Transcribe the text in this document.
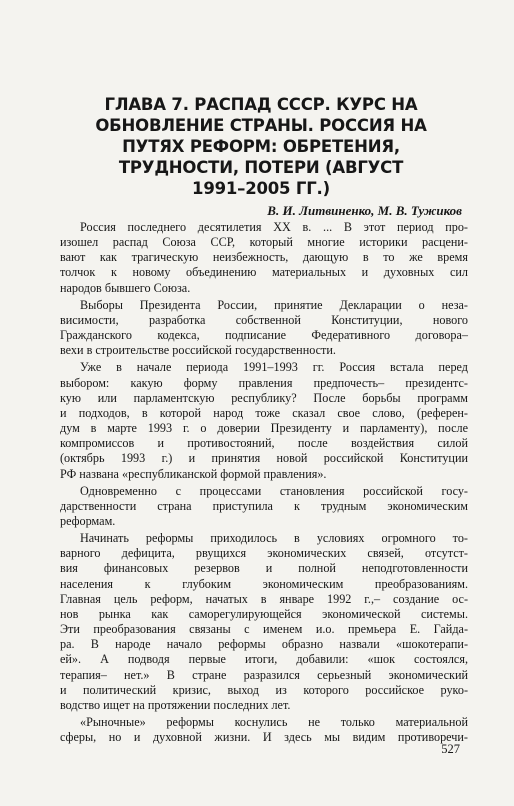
ГЛАВА 7. РАСПАД СССР. КУРС НА
ОБНОВЛЕНИЕ СТРАНЫ. РОССИЯ НА
ПУТЯХ РЕФОРМ: ОБРЕТЕНИЯ,
ТРУДНОСТИ, ПОТЕРИ (АВГУСТ
1991–2005 ГГ.)

В. И. Литвиненко, М. В. Тужиков

Россия последнего десятилетия XX в. ... В этот период про-
изошел распад Союза ССР, который многие историки расцени-
вают как трагическую неизбежность, дающую в то же время
толчок к новому объединению материальных и духовных сил
народов бывшего Союза.

Выборы Президента России, принятие Декларации о неза-
висимости, разработка собственной Конституции, нового
Гражданского кодекса, подписание Федеративного договора–
вехи в строительстве российской государственности.

Уже в начале периода 1991–1993 гг. Россия встала перед
выбором: какую форму правления предпочесть– президентс-
кую или парламентскую республику? После борьбы программ
и подходов, в которой народ тоже сказал свое слово, (референ-
дум в марте 1993 г. о доверии Президенту и парламенту), после
компромиссов и противостояний, после воздействия силой
(октябрь 1993 г.) и принятия новой российской Конституции
РФ названа «республиканской формой правления».

Одновременно с процессами становления российской госу-
дарственности страна приступила к трудным экономическим
реформам.

Начинать реформы приходилось в условиях огромного то-
варного дефицита, рвущихся экономических связей, отсутст-
вия финансовых резервов и полной неподготовленности
населения к глубоким экономическим преобразованиям.
Главная цель реформ, начатых в январе 1992 г.,– создание ос-
нов рынка как саморегулирующейся экономической системы.
Эти преобразования связаны с именем и.о. премьера Е. Гайда-
ра. В народе начало реформы образно назвали «шокотерапи-
ей». А подводя первые итоги, добавили: «шок состоялся,
терапия– нет.» В стране разразился серьезный экономический
и политический кризис, выход из которого российское руко-
водство ищет на протяжении последних лет.

«Рыночные» реформы коснулись не только материальной
сферы, но и духовной жизни. И здесь мы видим противоречи-

527
